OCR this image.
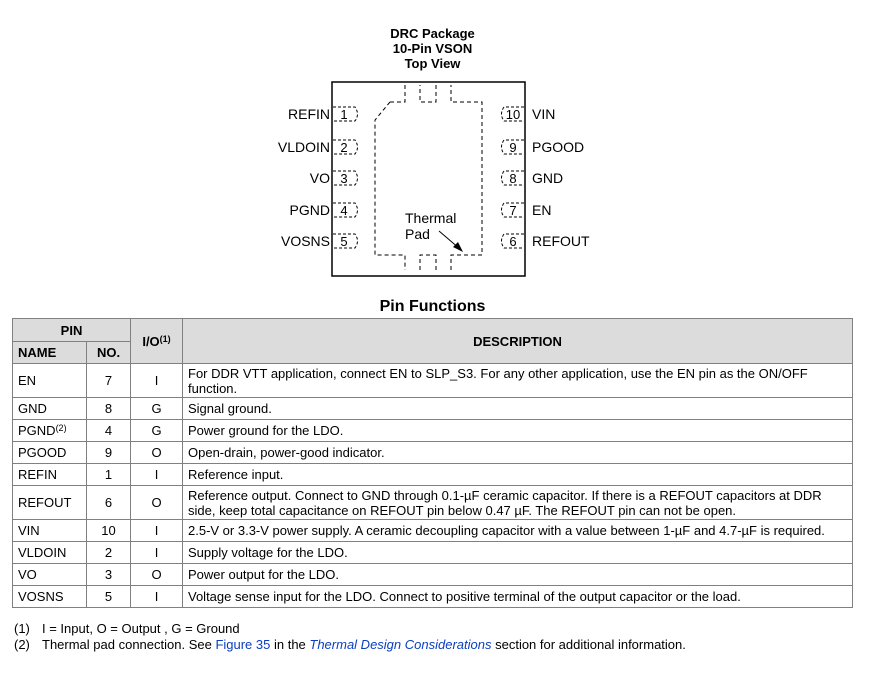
DRC Package
10-Pin VSON
Top View
Thermal
Pad
1
REFIN
2
VLDOIN
3
VO
4
PGND
5
VOSNS
10 VIN
9 PGOOD
8 GND
7 EN
6 REFOUT
Pin Functions
PIN		$I/O^{(1)}$	DESCRIPTION
NAME	NO.		
EN	7	I	For DDR VTT application, connect EN to SLP_S3. For any other application, use the EN pin as the ON/OFF function.
GND	8	G	Signal ground.
PGND$^{(2)}$	4	G	Power ground for the LDO.
PGOOD	9	O	Open-drain, power-good indicator.
REFIN	1	I	Reference input.
REFOUT	6	O	Reference output. Connect to GND through 0.1-µF ceramic capacitor. If there is a REFOUT capacitors at DDR side, keep total capacitance on REFOUT pin below 0.47 µF. The REFOUT pin can not be open.
VIN	10	I	2.5-V or 3.3-V power supply. A ceramic decoupling capacitor with a value between 1-µF and 4.7-µF is required.
VLDOIN	2	I	Supply voltage for the LDO.
VO	3	O	Power output for the LDO.
VOSNS	5	I	Voltage sense input for the LDO. Connect to positive terminal of the output capacitor or the load.
(1) I = Input, O = Output , G = Ground
(2) Thermal pad connection. See Figure 35 in the Thermal Design Considerations section for additional information.
